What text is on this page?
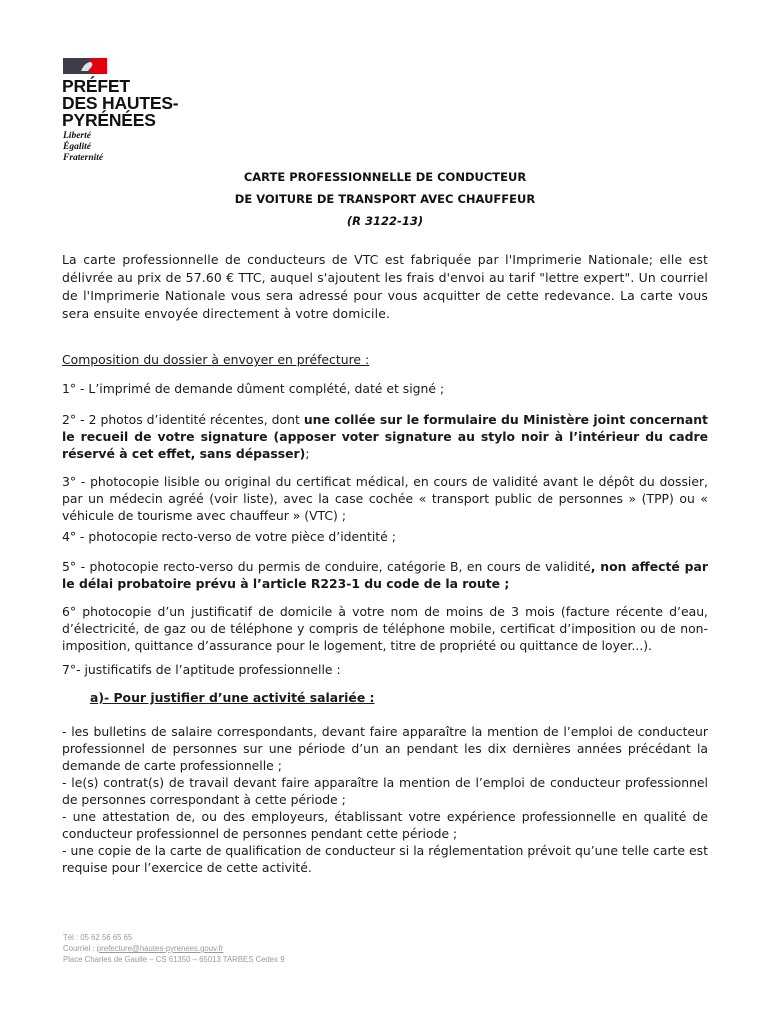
PRÉFET
DES HAUTES-
PYRÉNÉES
Liberté
Égalité
Fraternité
CARTE PROFESSIONNELLE DE CONDUCTEUR
DE VOITURE DE TRANSPORT AVEC CHAUFFEUR
(R 3122-13)
La carte professionnelle de conducteurs de VTC est fabriquée par l'Imprimerie Nationale; elle est délivrée au prix de 57.60 € TTC, auquel s'ajoutent les frais d'envoi au tarif "lettre expert". Un courriel de l'Imprimerie Nationale vous sera adressé pour vous acquitter de cette redevance. La carte vous sera ensuite envoyée directement à votre domicile.
Composition du dossier à envoyer en préfecture :
1° - L’imprimé de demande dûment complété, daté et signé ;
2° - 2 photos d’identité récentes, dont une collée sur le formulaire du Ministère joint concernant le recueil de votre signature (apposer voter signature au stylo noir à l’intérieur du cadre réservé à cet effet, sans dépasser);
3° - photocopie lisible ou original du certificat médical, en cours de validité avant le dépôt du dossier, par un médecin agréé (voir liste), avec la case cochée « transport public de personnes » (TPP) ou « véhicule de tourisme avec chauffeur » (VTC) ;
4° - photocopie recto-verso de votre pièce d’identité ;
5° - photocopie recto-verso du permis de conduire, catégorie B, en cours de validité, non affecté par le délai probatoire prévu à l’article R223-1 du code de la route ;
6° photocopie d’un justificatif de domicile à votre nom de moins de 3 mois (facture récente d’eau, d’électricité, de gaz ou de téléphone y compris de téléphone mobile, certificat d’imposition ou de non-imposition, quittance d’assurance pour le logement, titre de propriété ou quittance de loyer...).
7°- justificatifs de l’aptitude professionnelle :
a)- Pour justifier d’une activité salariée :
- les bulletins de salaire correspondants, devant faire apparaître la mention de l’emploi de conducteur professionnel de personnes sur une période d’un an pendant les dix dernières années précédant la demande de carte professionnelle ;
- le(s) contrat(s) de travail devant faire apparaître la mention de l’emploi de conducteur professionnel de personnes correspondant à cette période ;
- une attestation de, ou des employeurs, établissant votre expérience professionnelle en qualité de conducteur professionnel de personnes pendant cette période ;
- une copie de la carte de qualification de conducteur si la réglementation prévoit qu’une telle carte est requise pour l’exercice de cette activité.
Tél : 05 62 56 65 65
Courriel : prefecture@hautes-pyrenees.gouv.fr
Place Charles de Gaulle – CS 61350 – 65013 TARBES Cedex 9
